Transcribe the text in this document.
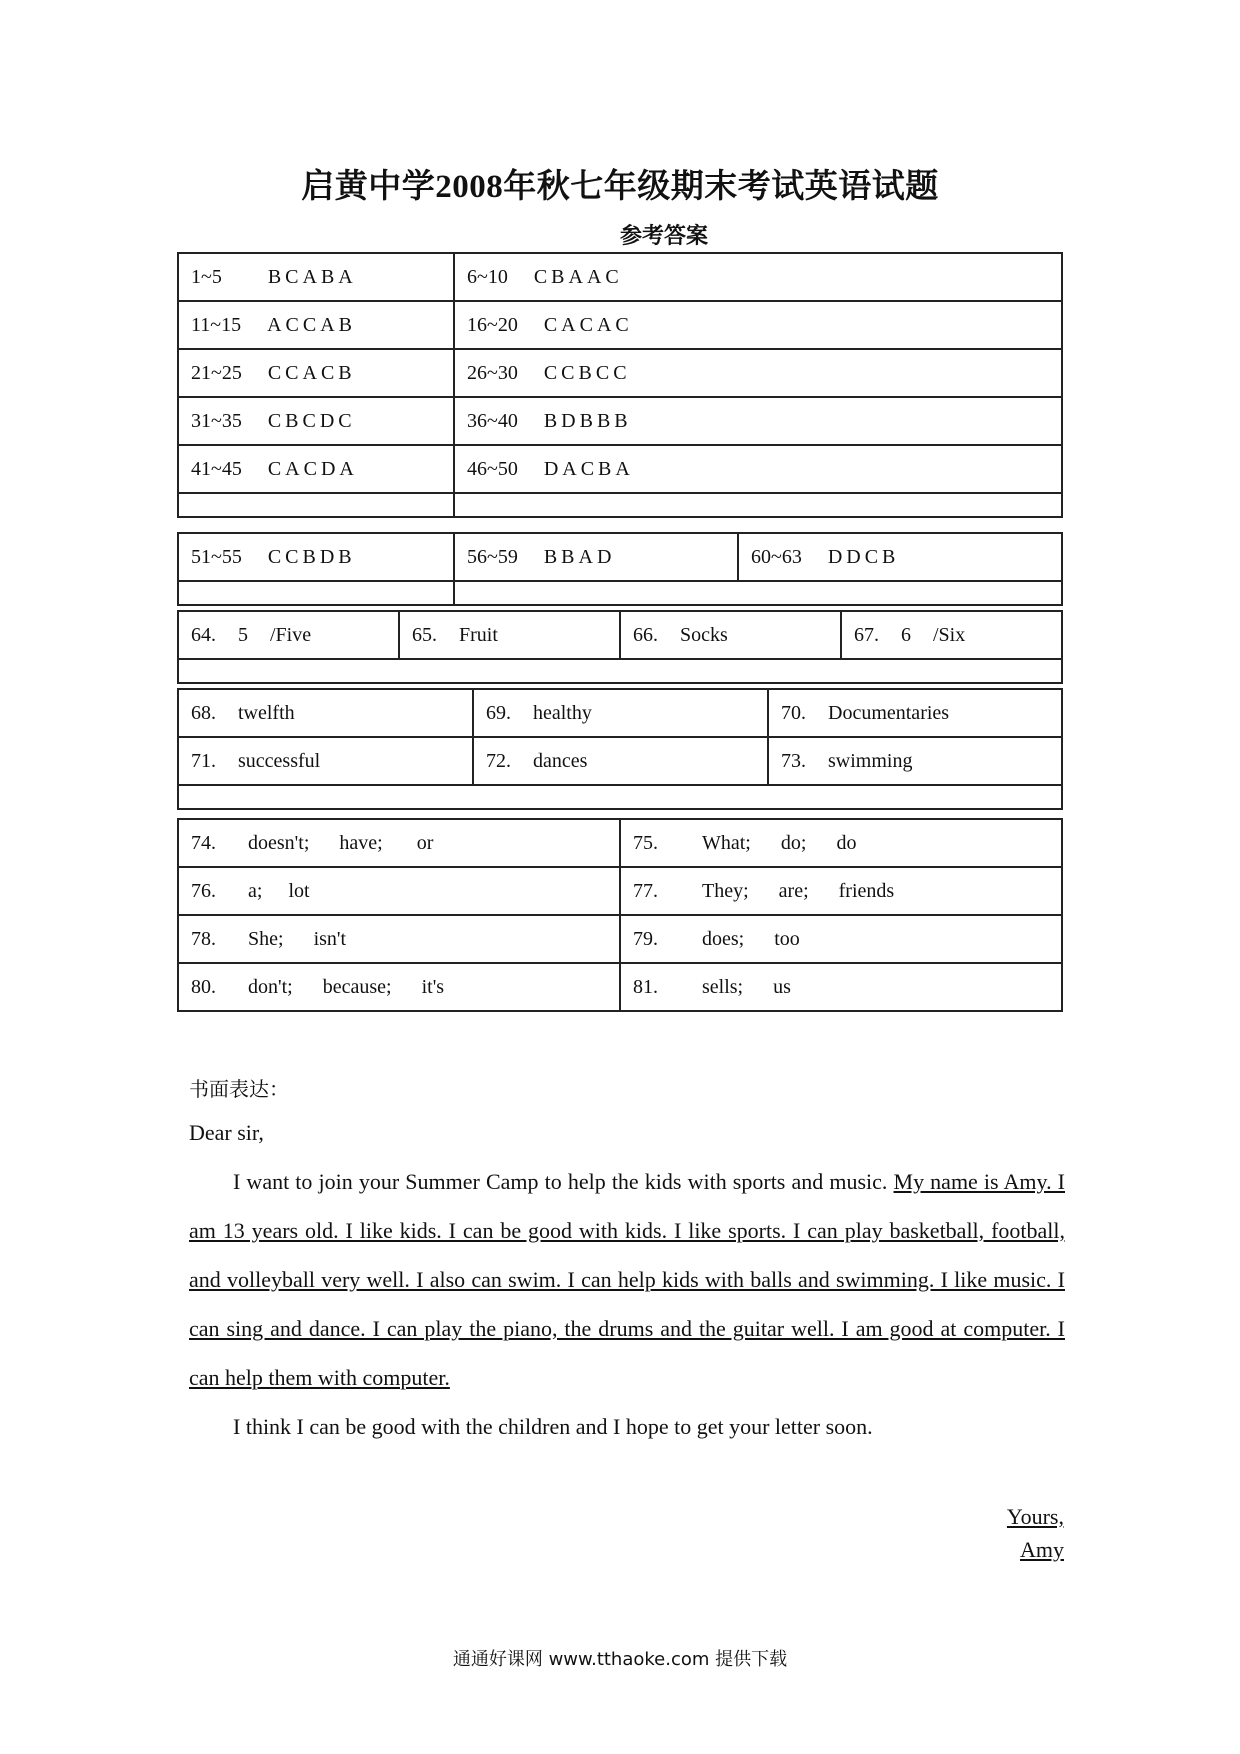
启黄中学2008年秋七年级期末考试英语试题
参考答案
1~5 BCABA	6~10 CBAAC
11~15 ACCAB	16~20 CACAC
21~25 CCACB	26~30 CCBCC
31~35 CBCDC	36~40 BDBBB
41~45 CACDA	46~50 DACBA

51~55 CCBDB	56~59 BBAD	60~63 DDCB

64. 5 /Five	65. Fruit	66. Socks	67. 6 /Six

68. twelfth	69. healthy	70. Documentaries
71. successful	72. dances	73. swimming

74. doesn't; have; or	75. What; do; do
76. a; lot	77. They; are; friends
78. She; isn't	79. does; too
80. don't; because; it's	81. sells; us
书面表达：

Dear sir,

I want to join your Summer Camp to help the kids with sports and music. My name is Amy. I am 13 years old. I like kids. I can be good with kids. I like sports. I can play basketball, football, and volleyball very well. I also can swim. I can help kids with balls and swimming. I like music. I can sing and dance. I can play the piano, the drums and the guitar well. I am good at computer. I can help them with computer.

I think I can be good with the children and I hope to get your letter soon.

Yours,
Amy
通通好课网 www.tthaoke.com 提供下载
